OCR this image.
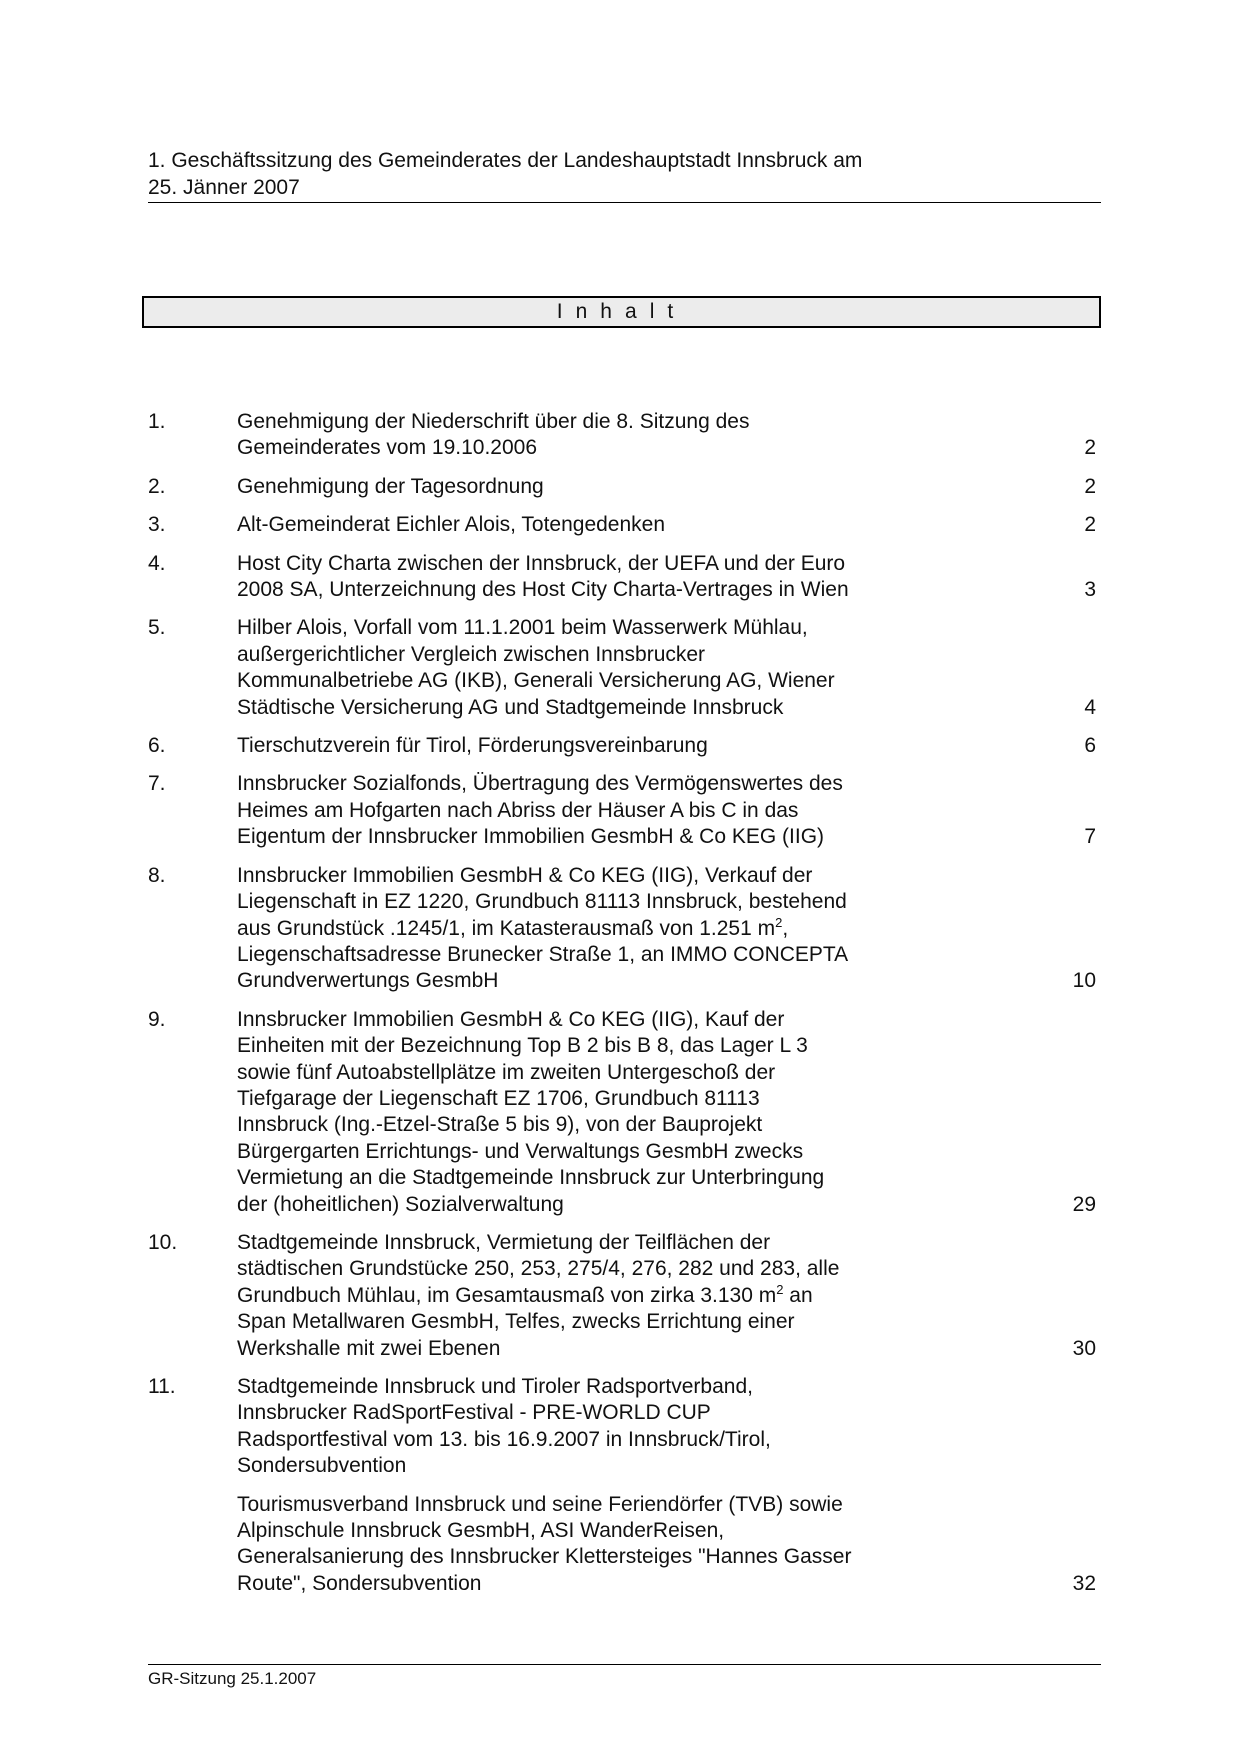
1. Geschäftssitzung des Gemeinderates der Landeshauptstadt Innsbruck am
25. Jänner 2007
Inhalt
1.	Genehmigung der Niederschrift über die 8. Sitzung des
Gemeinderates vom 19.10.2006	2
2.	Genehmigung der Tagesordnung	2
3.	Alt-Gemeinderat Eichler Alois, Totengedenken	2
4.	Host City Charta zwischen der Innsbruck, der UEFA und der Euro
2008 SA, Unterzeichnung des Host City Charta-Vertrages in Wien	3
5.	Hilber Alois, Vorfall vom 11.1.2001 beim Wasserwerk Mühlau,
außergerichtlicher Vergleich zwischen Innsbrucker
Kommunalbetriebe AG (IKB), Generali Versicherung AG, Wiener
Städtische Versicherung AG und Stadtgemeinde Innsbruck	4
6.	Tierschutzverein für Tirol, Förderungsvereinbarung	6
7.	Innsbrucker Sozialfonds, Übertragung des Vermögenswertes des
Heimes am Hofgarten nach Abriss der Häuser A bis C in das
Eigentum der Innsbrucker Immobilien GesmbH & Co KEG (IIG)	7
8.	Innsbrucker Immobilien GesmbH & Co KEG (IIG), Verkauf der
Liegenschaft in EZ 1220, Grundbuch 81113 Innsbruck, bestehend
aus Grundstück .1245/1, im Katasterausmaß von 1.251 $m^2$,
Liegenschaftsadresse Brunecker Straße 1, an IMMO CONCEPTA
Grundverwertungs GesmbH	10
9.	Innsbrucker Immobilien GesmbH & Co KEG (IIG), Kauf der
Einheiten mit der Bezeichnung Top B 2 bis B 8, das Lager L 3
sowie fünf Autoabstellplätze im zweiten Untergeschoß der
Tiefgarage der Liegenschaft EZ 1706, Grundbuch 81113
Innsbruck (Ing.-Etzel-Straße 5 bis 9), von der Bauprojekt
Bürgergarten Errichtungs- und Verwaltungs GesmbH zwecks
Vermietung an die Stadtgemeinde Innsbruck zur Unterbringung
der (hoheitlichen) Sozialverwaltung	29
10.	Stadtgemeinde Innsbruck, Vermietung der Teilflächen der
städtischen Grundstücke 250, 253, 275/4, 276, 282 und 283, alle
Grundbuch Mühlau, im Gesamtausmaß von zirka 3.130 $m^2$ an
Span Metallwaren GesmbH, Telfes, zwecks Errichtung einer
Werkshalle mit zwei Ebenen	30
11.	Stadtgemeinde Innsbruck und Tiroler Radsportverband,
Innsbrucker RadSportFestival - PRE-WORLD CUP
Radsportfestival vom 13. bis 16.9.2007 in Innsbruck/Tirol,
Sondersubvention
Tourismusverband Innsbruck und seine Feriendörfer (TVB) sowie
Alpinschule Innsbruck GesmbH, ASI WanderReisen,
Generalsanierung des Innsbrucker Klettersteiges "Hannes Gasser
Route", Sondersubvention	32
GR-Sitzung 25.1.2007
